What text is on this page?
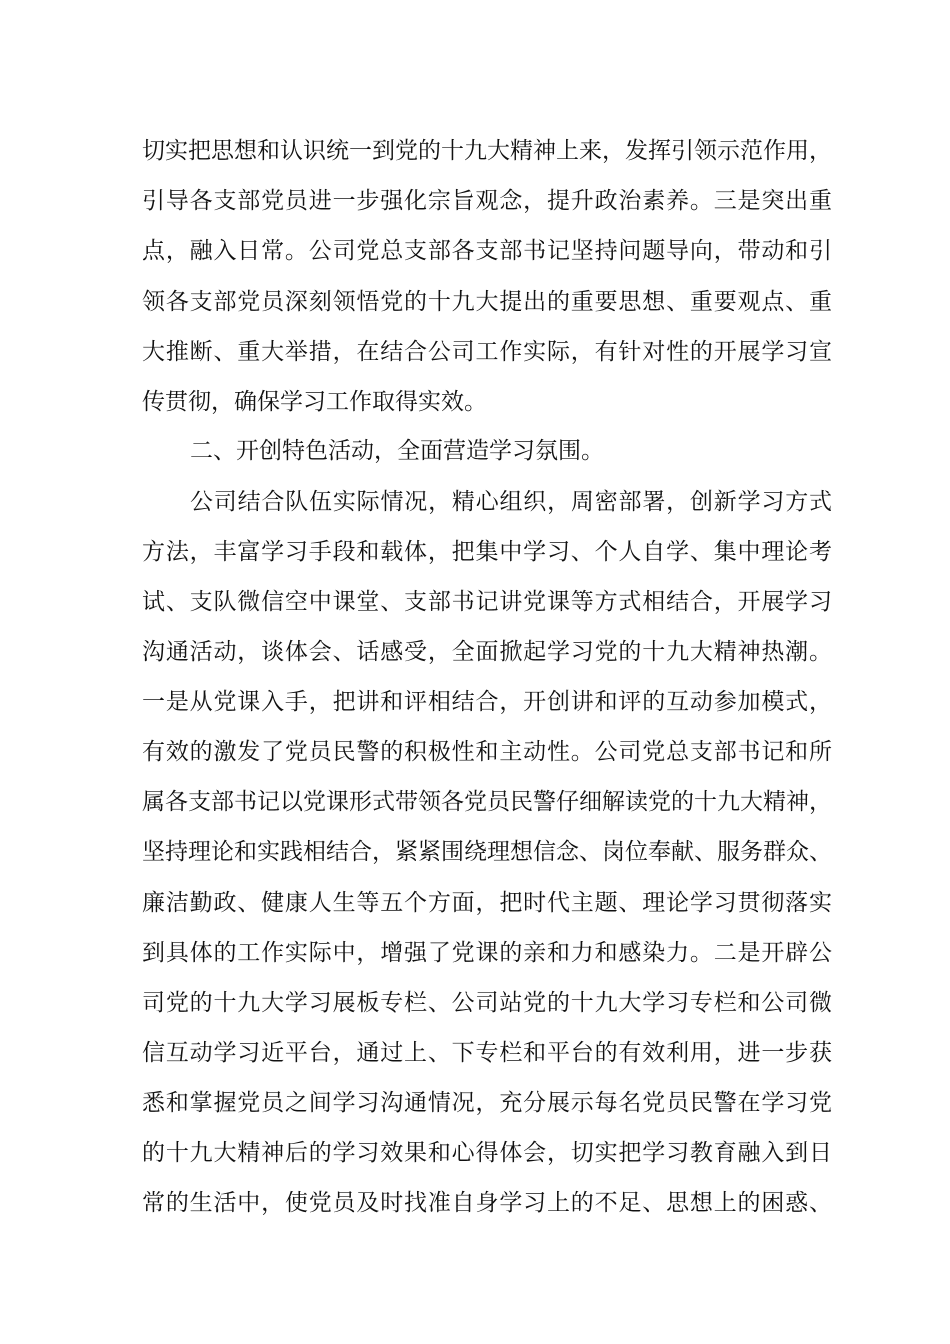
切实把思想和认识统一到党的十九大精神上来，发挥引领示范作用，
引导各支部党员进一步强化宗旨观念，提升政治素养。三是突出重
点，融入日常。公司党总支部各支部书记坚持问题导向，带动和引
领各支部党员深刻领悟党的十九大提出的重要思想、重要观点、重
大推断、重大举措，在结合公司工作实际，有针对性的开展学习宣
传贯彻，确保学习工作取得实效。
二、开创特色活动，全面营造学习氛围。
公司结合队伍实际情况，精心组织，周密部署，创新学习方式
方法，丰富学习手段和载体，把集中学习、个人自学、集中理论考
试、支队微信空中课堂、支部书记讲党课等方式相结合，开展学习
沟通活动，谈体会、话感受，全面掀起学习党的十九大精神热潮。
一是从党课入手，把讲和评相结合，开创讲和评的互动参加模式，
有效的激发了党员民警的积极性和主动性。公司党总支部书记和所
属各支部书记以党课形式带领各党员民警仔细解读党的十九大精神，
坚持理论和实践相结合，紧紧围绕理想信念、岗位奉献、服务群众、
廉洁勤政、健康人生等五个方面，把时代主题、理论学习贯彻落实
到具体的工作实际中，增强了党课的亲和力和感染力。二是开辟公
司党的十九大学习展板专栏、公司站党的十九大学习专栏和公司微
信互动学习近平台，通过上、下专栏和平台的有效利用，进一步获
悉和掌握党员之间学习沟通情况，充分展示每名党员民警在学习党
的十九大精神后的学习效果和心得体会，切实把学习教育融入到日
常的生活中，使党员及时找准自身学习上的不足、思想上的困惑、
